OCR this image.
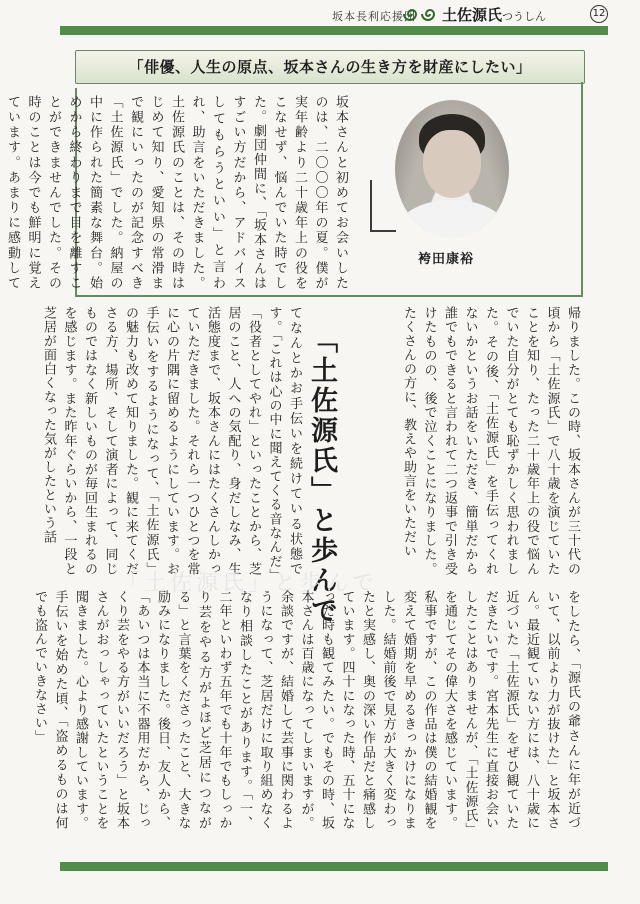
坂本長利応援団 土佐源氏つうしん	12
「俳優、人生の原点、坂本さんの生き方を財産にしたい」
坂本さんと初めてお会いしたのは、二〇〇〇年の夏。僕が実年齢より二十歳年上の役をこなせず、悩んでいた時でした。劇団仲間に、「坂本さんはすごい方だから、アドバイスしてもらうといい」と言われ、助言をいただきました。土佐源氏のことは、その時はじめて知り、愛知県の常滑まで観にいったのが記念すべき「土佐源氏」でした。納屋の中に作られた簡素な舞台。始めから終わりまで目を離すことができませんでした。その時のことは今でも鮮明に覚えています。あまりに感動して
袴田康裕
帰りました。この時、坂本さんが三十代の頃から「土佐源氏」で八十歳を演じていたことを知り、たった二十歳年上の役で悩んでいた自分がとても恥ずかしく思われました。その後、「土佐源氏」を手伝ってくれないかというお話をいただき、簡単だから誰でもできると言われて二つ返事で引き受けたものの、後で泣くことになりました。たくさんの方に、教えや助言をいただい
「土佐源氏」と歩んで
てなんとかお手伝いを続けている状態です。「これは心の中に聞えてくる音なんだ」「役者としてやれ」といったことから、芝居のこと、人への気配り、身だしなみ、生活態度まで、坂本さんにはたくさんしかっていただきました。それら一つひとつを常に心の片隅に留めるようにしています。お手伝いをするようになって、「土佐源氏」の魅力も改めて知りました。観に来てくださる方、場所、そして演者によって、同じものではなく新しいものが毎回生まれるのを感じます。また昨年ぐらいから、一段と芝居が面白くなった気がしたという話
「土佐源氏」と歩んで
をしたら、「源氏の爺さんに年が近づいて、以前より力が抜けた」と坂本さん。最近観ていない方には、八十歳に近づいた「土佐源氏」をぜひ観ていただきたいです。宮本先生に直接お会いしたことはありませんが、「土佐源氏」を通じてその偉大さを感じています。私事ですが、この作品は僕の結婚観を変えて婚期を早めるきっかけになりました。結婚前後で見方が大きく変わったと実感し、奥の深い作品だと痛感しています。四十になった時、五十になった時も観てみたい。でもその時、坂本さんは百歳になってしまいますが。余談ですが、結婚して芸事に関わるようになって、芝居だけに取り組めなくなり相談したことがあります。「一、二年といわず五年でも十年でもしっかり芸をやる方がよほど芝居につながる」と言葉をくださったこと、大きな励みになりました。後日、友人から、「あいつは本当に不器用だから、じっくり芸をやる方がいいだろう」と坂本さんがおっしゃっていたということを聞きました。心より感謝しています。手伝いを始めた頃、「盗めるものは何でも盗んでいきなさい」
